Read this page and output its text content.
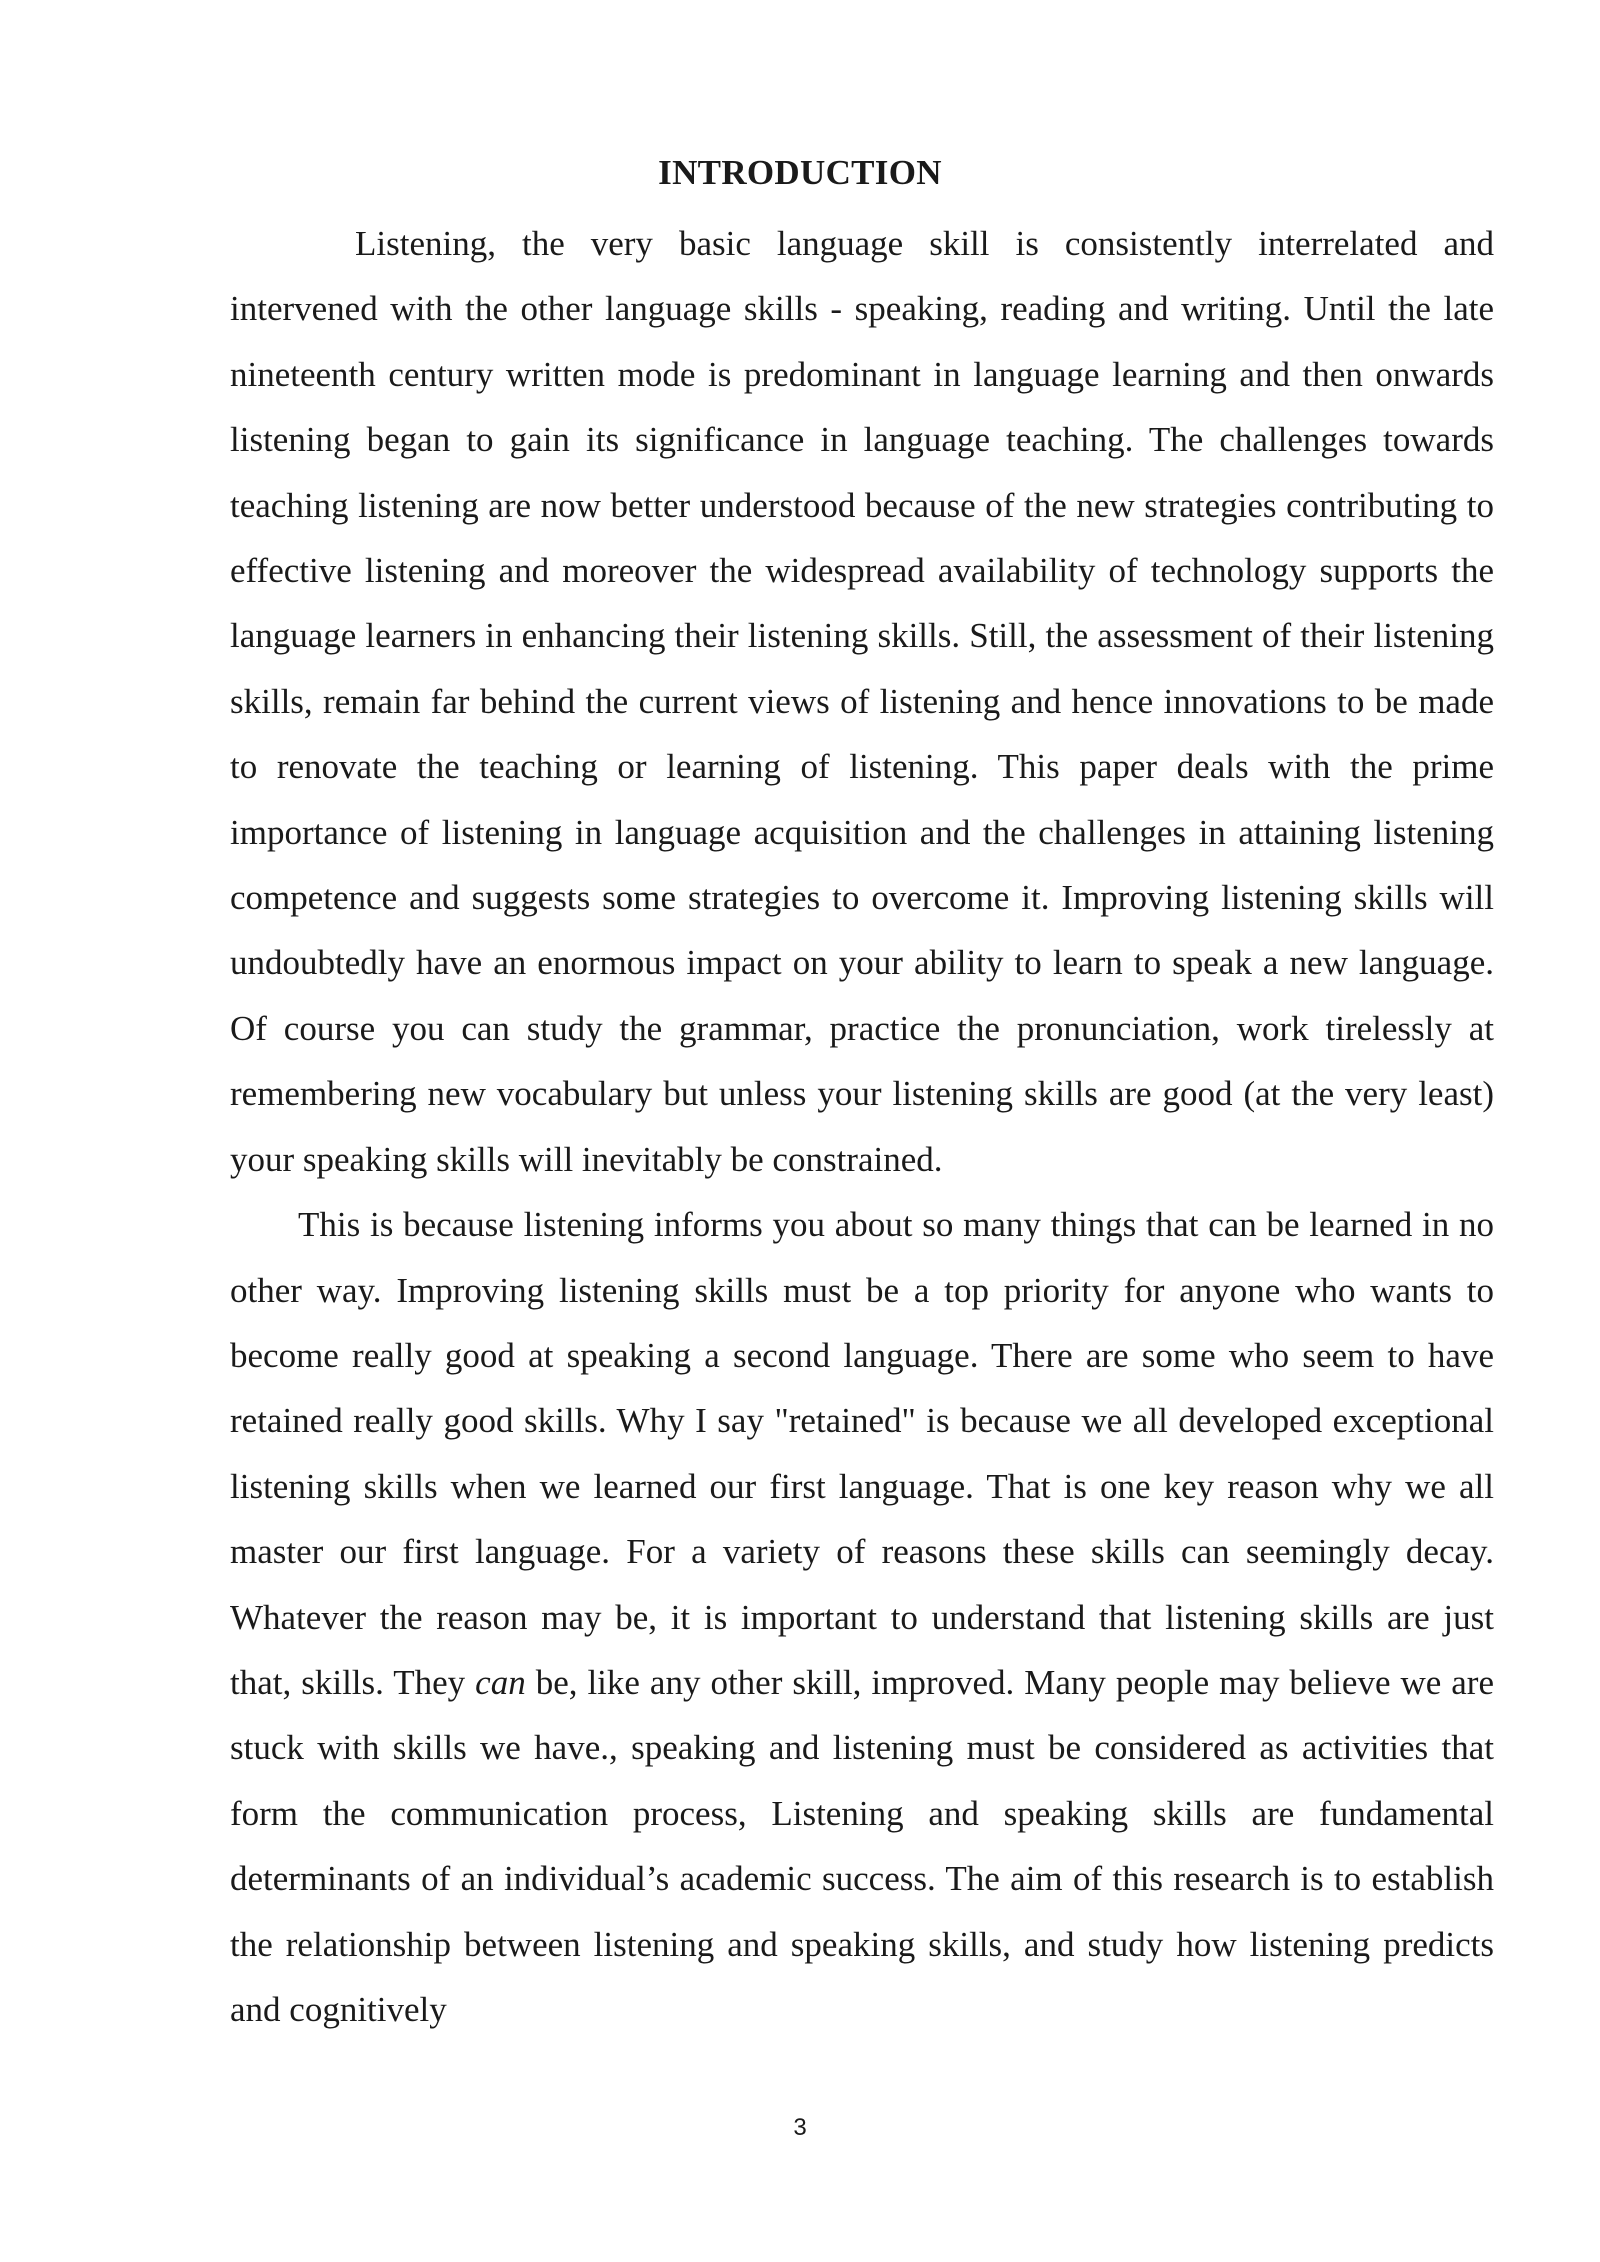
INTRODUCTION

Listening, the very basic language skill is consistently interrelated and intervened with the other language skills - speaking, reading and writing. Until the late nineteenth century written mode is predominant in language learning and then onwards listening began to gain its significance in language teaching. The challenges towards teaching listening are now better understood because of the new strategies contributing to effective listening and moreover the widespread availability of technology supports the language learners in enhancing their listening skills. Still, the assessment of their listening skills, remain far behind the current views of listening and hence innovations to be made to renovate the teaching or learning of listening. This paper deals with the prime importance of listening in language acquisition and the challenges in attaining listening competence and suggests some strategies to overcome it. Improving listening skills will undoubtedly have an enormous impact on your ability to learn to speak a new language. Of course you can study the grammar, practice the pronunciation, work tirelessly at remembering new vocabulary but unless your listening skills are good (at the very least) your speaking skills will inevitably be constrained.

This is because listening informs you about so many things that can be learned in no other way. Improving listening skills must be a top priority for anyone who wants to become really good at speaking a second language. There are some who seem to have retained really good skills. Why I say "retained" is because we all developed exceptional listening skills when we learned our first language. That is one key reason why we all master our first language. For a variety of reasons these skills can seemingly decay. Whatever the reason may be, it is important to understand that listening skills are just that, skills. They can be, like any other skill, improved. Many people may believe we are stuck with skills we have., speaking and listening must be considered as activities that form the communication process, Listening and speaking skills are fundamental determinants of an individual’s academic success. The aim of this research is to establish the relationship between listening and speaking skills, and study how listening predicts and cognitively

3
